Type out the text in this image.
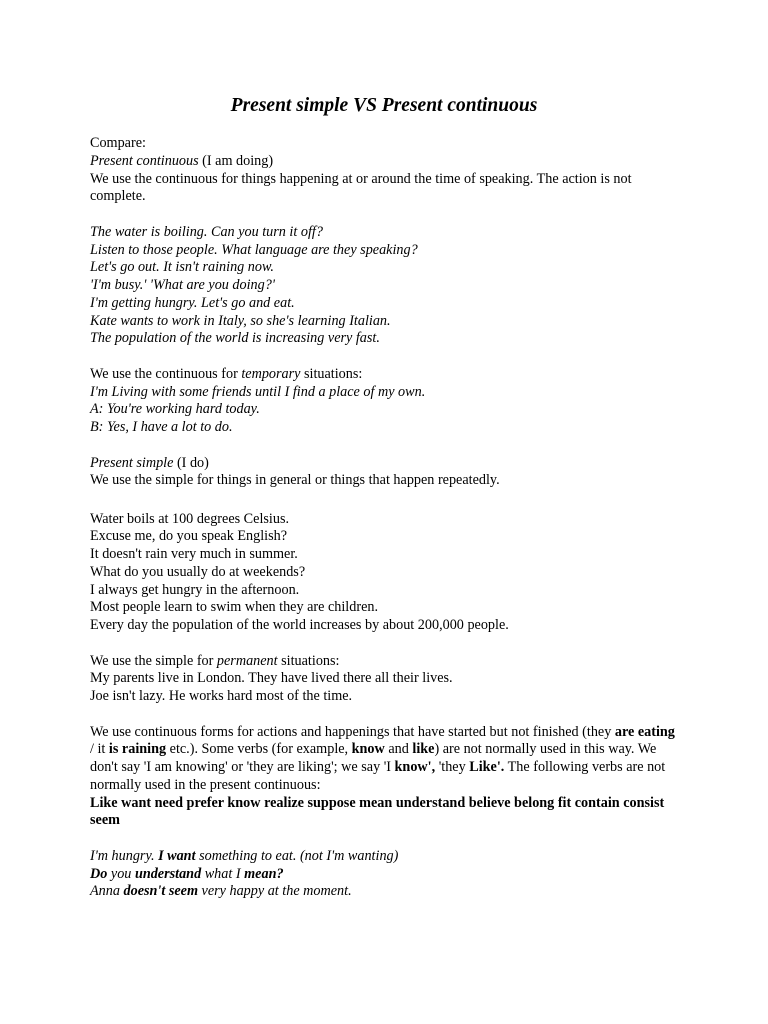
Present simple VS Present continuous

Compare:

Present continuous (I am doing)

We use the continuous for things happening at or around the time of speaking. The action is not complete.

The water is boiling. Can you turn it off?

Listen to those people. What language are they speaking?

Let's go out. It isn't raining now.

'I'm busy.' 'What are you doing?'

I'm getting hungry. Let's go and eat.

Kate wants to work in Italy, so she's learning Italian.

The population of the world is increasing very fast.

We use the continuous for temporary situations:

I'm Living with some friends until I find a place of my own.

A: You're working hard today.

B: Yes, I have a lot to do.

Present simple (I do)

We use the simple for things in general or things that happen repeatedly.

Water boils at 100 degrees Celsius.

Excuse me, do you speak English?

It doesn't rain very much in summer.

What do you usually do at weekends?

I always get hungry in the afternoon.

Most people learn to swim when they are children.

Every day the population of the world increases by about 200,000 people.

We use the simple for permanent situations:

My parents live in London. They have lived there all their lives.

Joe isn't lazy. He works hard most of the time.

We use continuous forms for actions and happenings that have started but not finished (they are eating / it is raining etc.). Some verbs (for example, know and like) are not normally used in this way. We don't say 'I am knowing' or 'they are liking'; we say 'I know', 'they Like'. The following verbs are not normally used in the present continuous:

Like want need prefer know realize suppose mean understand believe belong fit contain consist seem

I'm hungry. I want something to eat. (not I'm wanting)

Do you understand what I mean?

Anna doesn't seem very happy at the moment.
